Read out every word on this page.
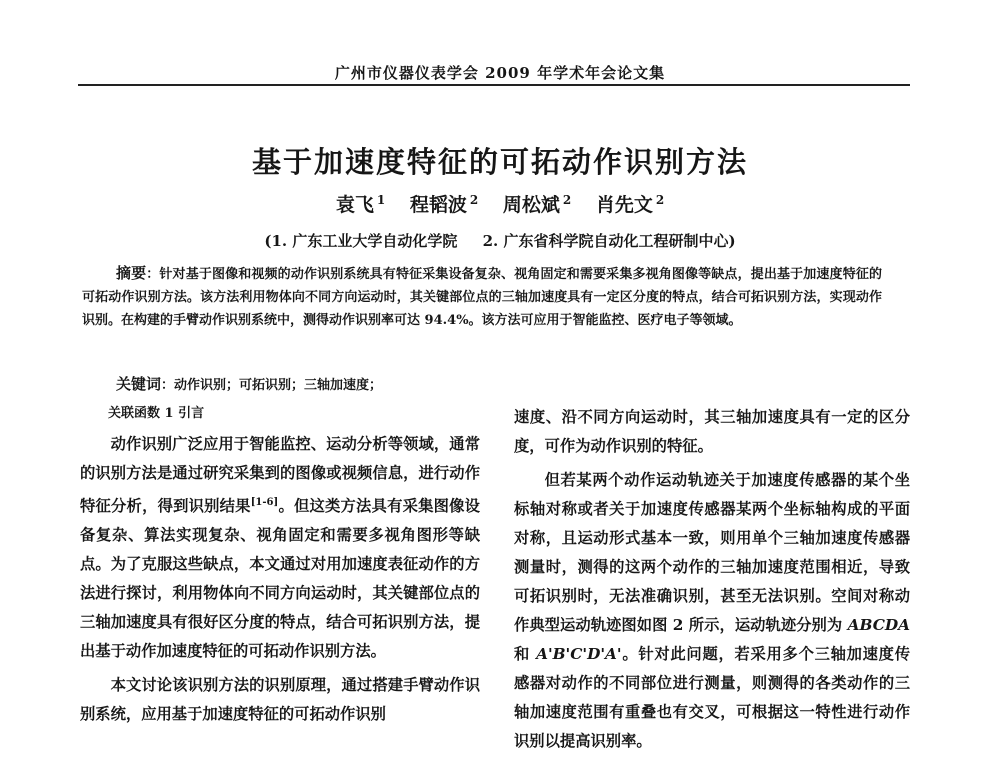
广州市仪器仪表学会 2009 年学术年会论文集
基于加速度特征的可拓动作识别方法
袁飞 $^1$ 程韬波 $^2$ 周松斌 $^2$ 肖先文 $^2$
(1. 广东工业大学自动化学院 2. 广东省科学院自动化工程研制中心)
摘要：针对基于图像和视频的动作识别系统具有特征采集设备复杂、视角固定和需要采集多视角图像等缺点，提出基于加速度特征的可拓动作识别方法。该方法利用物体向不同方向运动时，其关键部位点的三轴加速度具有一定区分度的特点，结合可拓识别方法，实现动作识别。在构建的手臂动作识别系统中，测得动作识别率可达 94.4%。该方法可应用于智能监控、医疗电子等领域。
关键词：动作识别；可拓识别；三轴加速度；
关联函数 1 引言

动作识别广泛应用于智能监控、运动分析等领域，通常的识别方法是通过研究采集到的图像或视频信息，进行动作特征分析，得到识别结果[1-6]。但这类方法具有采集图像设备复杂、算法实现复杂、视角固定和需要多视角图形等缺点。为了克服这些缺点，本文通过对用加速度表征动作的方法进行探讨，利用物体向不同方向运动时，其关键部位点的三轴加速度具有很好区分度的特点，结合可拓识别方法，提出基于动作加速度特征的可拓动作识别方法。

本文讨论该识别方法的识别原理，通过搭建手臂动作识别系统，应用基于加速度特征的可拓动作识别

速度、沿不同方向运动时，其三轴加速度具有一定的区分度，可作为动作识别的特征。

但若某两个动作运动轨迹关于加速度传感器的某个坐标轴对称或者关于加速度传感器某两个坐标轴构成的平面对称，且运动形式基本一致，则用单个三轴加速度传感器测量时，测得的这两个动作的三轴加速度范围相近，导致可拓识别时，无法准确识别，甚至无法识别。空间对称动作典型运动轨迹图如图 2 所示，运动轨迹分别为 ABCDA 和 A'B'C'D'A'。针对此问题，若采用多个三轴加速度传感器对动作的不同部位进行测量，则测得的各类动作的三轴加速度范围有重叠也有交叉，可根据这一特性进行动作识别以提高识别率。
